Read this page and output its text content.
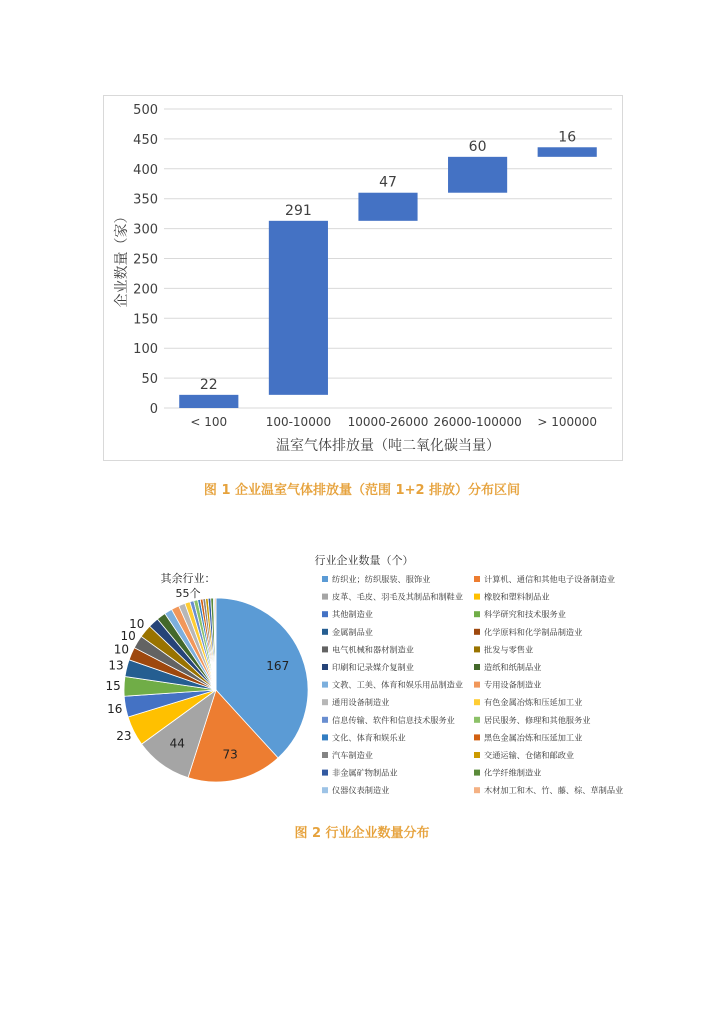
0
50
100
150
200
250
300
350
400
450
500
22
< 100
291
100-10000
47
10000-26000
60
26000-100000
16
> 100000
温室气体排放量（吨二氧化碳当量）
企业数量（家）
图 1 企业温室气体排放量（范围 1+2 排放）分布区间
行业企业数量（个）
167
73
44
23
16
15
13
10
10
10
其余行业：
55个
纺织业；纺织服装、服饰业	计算机、通信和其他电子设备制造业
皮革、毛皮、羽毛及其制品和制鞋业	橡胶和塑料制品业
其他制造业	科学研究和技术服务业
金属制品业	化学原料和化学制品制造业
电气机械和器材制造业	批发与零售业
印刷和记录媒介复制业	造纸和纸制品业
文教、工美、体育和娱乐用品制造业	专用设备制造业
通用设备制造业	有色金属冶炼和压延加工业
信息传输、软件和信息技术服务业	居民服务、修理和其他服务业
文化、体育和娱乐业	黑色金属冶炼和压延加工业
汽车制造业	交通运输、仓储和邮政业
非金属矿物制品业	化学纤维制造业
仪器仪表制造业	木材加工和木、竹、藤、棕、草制品业
图 2 行业企业数量分布
